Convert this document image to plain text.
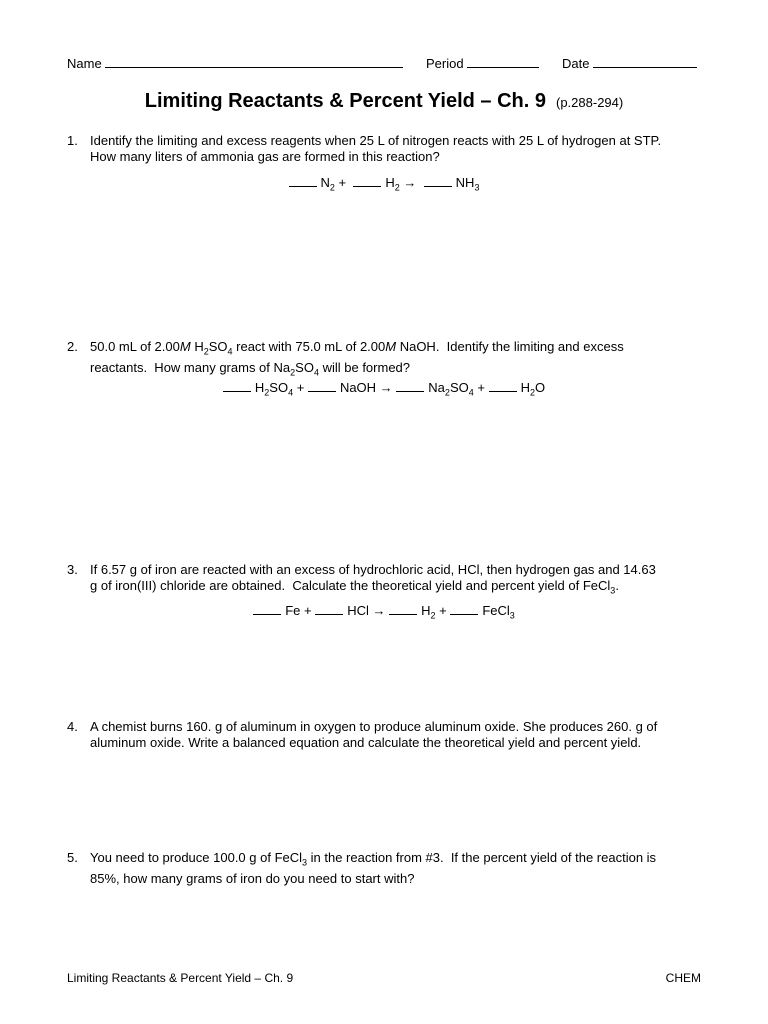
Name	Period	Date
Limiting Reactants & Percent Yield – Ch. 9 (p.288-294)
1. Identify the limiting and excess reagents when 25 L of nitrogen reacts with 25 L of hydrogen at STP.
How many liters of ammonia gas are formed in this reaction?
$N_2$ +	$H_2$ →	$NH_3$
2. 50.0 mL of 2.00M $H_2SO_4$ react with 75.0 mL of 2.00M NaOH.  Identify the limiting and excess
reactants.  How many grams of $Na_2SO_4$ will be formed?
$H_2SO_4$ + NaOH → $Na_2SO_4 + H_2O$
3. If 6.57 g of iron are reacted with an excess of hydrochloric acid, HCl, then hydrogen gas and 14.63
g of iron(III) chloride are obtained.  Calculate the theoretical yield and percent yield of FeCl$_3$.
Fe + HCl → $H_2$ + FeCl$_3$
4. A chemist burns 160. g of aluminum in oxygen to produce aluminum oxide. She produces 260. g of
aluminum oxide. Write a balanced equation and calculate the theoretical yield and percent yield.
5. You need to produce 100.0 g of FeCl$_3$ in the reaction from #3.  If the percent yield of the reaction is
85%, how many grams of iron do you need to start with?
Limiting Reactants & Percent Yield – Ch. 9	CHEM
